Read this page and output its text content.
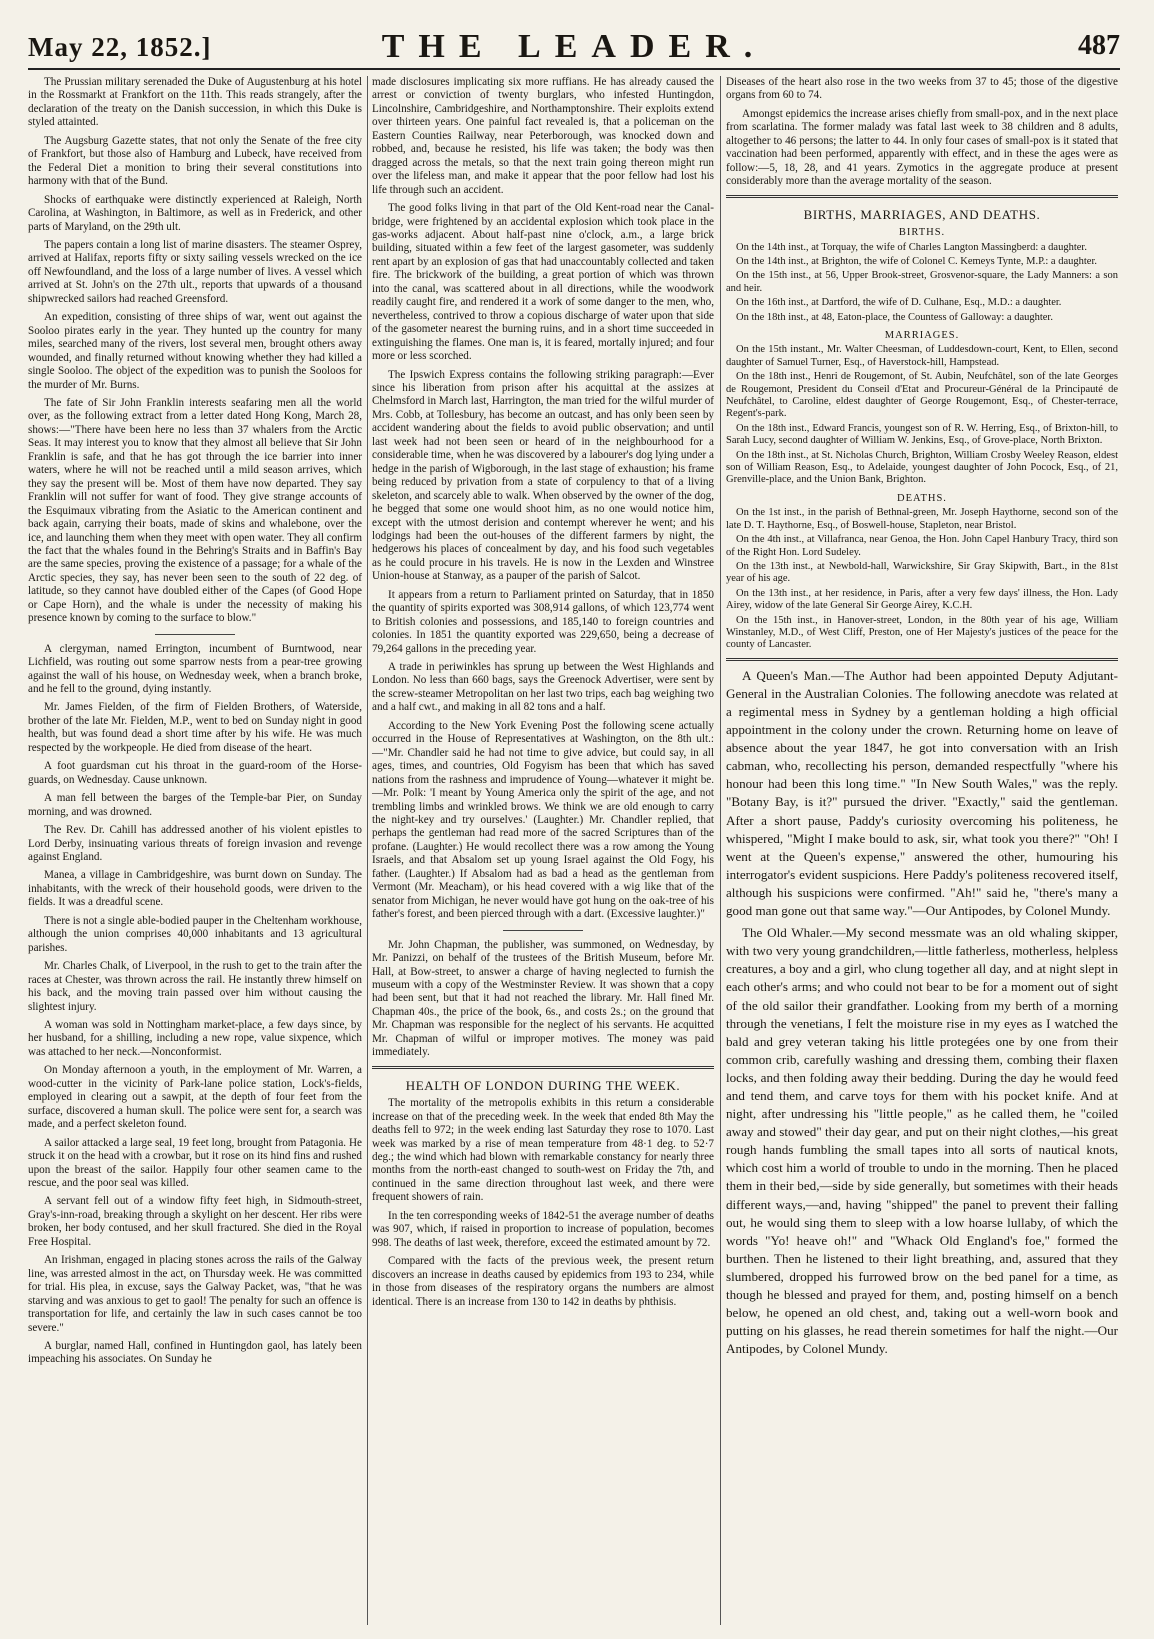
May 22, 1852.]	THE LEADER.	487

The Prussian military serenaded the Duke of Augustenburg at his hotel in the Rossmarkt at Frankfort on the 11th. This reads strangely, after the declaration of the treaty on the Danish succession, in which this Duke is styled attainted.

The Augsburg Gazette states, that not only the Senate of the free city of Frankfort, but those also of Hamburg and Lubeck, have received from the Federal Diet a monition to bring their several constitutions into harmony with that of the Bund.

Shocks of earthquake were distinctly experienced at Raleigh, North Carolina, at Washington, in Baltimore, as well as in Frederick, and other parts of Maryland, on the 29th ult.

The papers contain a long list of marine disasters. The steamer Osprey, arrived at Halifax, reports fifty or sixty sailing vessels wrecked on the ice off Newfoundland, and the loss of a large number of lives. A vessel which arrived at St. John's on the 27th ult., reports that upwards of a thousand shipwrecked sailors had reached Greensford.

An expedition, consisting of three ships of war, went out against the Sooloo pirates early in the year. They hunted up the country for many miles, searched many of the rivers, lost several men, brought others away wounded, and finally returned without knowing whether they had killed a single Sooloo. The object of the expedition was to punish the Sooloos for the murder of Mr. Burns.

The fate of Sir John Franklin interests seafaring men all the world over, as the following extract from a letter dated Hong Kong, March 28, shows:—"There have been here no less than 37 whalers from the Arctic Seas. It may interest you to know that they almost all believe that Sir John Franklin is safe, and that he has got through the ice barrier into inner waters, where he will not be reached until a mild season arrives, which they say the present will be. Most of them have now departed. They say Franklin will not suffer for want of food. They give strange accounts of the Esquimaux vibrating from the Asiatic to the American continent and back again, carrying their boats, made of skins and whalebone, over the ice, and launching them when they meet with open water. They all confirm the fact that the whales found in the Behring's Straits and in Baffin's Bay are the same species, proving the existence of a passage; for a whale of the Arctic species, they say, has never been seen to the south of 22 deg. of latitude, so they cannot have doubled either of the Capes (of Good Hope or Cape Horn), and the whale is under the necessity of making his presence known by coming to the surface to blow."

A clergyman, named Errington, incumbent of Burntwood, near Lichfield, was routing out some sparrow nests from a pear-tree growing against the wall of his house, on Wednesday week, when a branch broke, and he fell to the ground, dying instantly.

Mr. James Fielden, of the firm of Fielden Brothers, of Waterside, brother of the late Mr. Fielden, M.P., went to bed on Sunday night in good health, but was found dead a short time after by his wife. He was much respected by the workpeople. He died from disease of the heart.

A foot guardsman cut his throat in the guard-room of the Horse-guards, on Wednesday. Cause unknown.

A man fell between the barges of the Temple-bar Pier, on Sunday morning, and was drowned.

The Rev. Dr. Cahill has addressed another of his violent epistles to Lord Derby, insinuating various threats of foreign invasion and revenge against England.

Manea, a village in Cambridgeshire, was burnt down on Sunday. The inhabitants, with the wreck of their household goods, were driven to the fields. It was a dreadful scene.

There is not a single able-bodied pauper in the Cheltenham workhouse, although the union comprises 40,000 inhabitants and 13 agricultural parishes.

Mr. Charles Chalk, of Liverpool, in the rush to get to the train after the races at Chester, was thrown across the rail. He instantly threw himself on his back, and the moving train passed over him without causing the slightest injury.

A woman was sold in Nottingham market-place, a few days since, by her husband, for a shilling, including a new rope, value sixpence, which was attached to her neck.—Nonconformist.

On Monday afternoon a youth, in the employment of Mr. Warren, a wood-cutter in the vicinity of Park-lane police station, Lock's-fields, employed in clearing out a sawpit, at the depth of four feet from the surface, discovered a human skull. The police were sent for, a search was made, and a perfect skeleton found.

A sailor attacked a large seal, 19 feet long, brought from Patagonia. He struck it on the head with a crowbar, but it rose on its hind fins and rushed upon the breast of the sailor. Happily four other seamen came to the rescue, and the poor seal was killed.

A servant fell out of a window fifty feet high, in Sidmouth-street, Gray's-inn-road, breaking through a skylight on her descent. Her ribs were broken, her body contused, and her skull fractured. She died in the Royal Free Hospital.

An Irishman, engaged in placing stones across the rails of the Galway line, was arrested almost in the act, on Thursday week. He was committed for trial. His plea, in excuse, says the Galway Packet, was, "that he was starving and was anxious to get to gaol! The penalty for such an offence is transportation for life, and certainly the law in such cases cannot be too severe."

A burglar, named Hall, confined in Huntingdon gaol, has lately been impeaching his associates. On Sunday he

made disclosures implicating six more ruffians. He has already caused the arrest or conviction of twenty burglars, who infested Huntingdon, Lincolnshire, Cambridgeshire, and Northamptonshire. Their exploits extend over thirteen years. One painful fact revealed is, that a policeman on the Eastern Counties Railway, near Peterborough, was knocked down and robbed, and, because he resisted, his life was taken; the body was then dragged across the metals, so that the next train going thereon might run over the lifeless man, and make it appear that the poor fellow had lost his life through such an accident.

The good folks living in that part of the Old Kent-road near the Canal-bridge, were frightened by an accidental explosion which took place in the gas-works adjacent. About half-past nine o'clock, a.m., a large brick building, situated within a few feet of the largest gasometer, was suddenly rent apart by an explosion of gas that had unaccountably collected and taken fire. The brickwork of the building, a great portion of which was thrown into the canal, was scattered about in all directions, while the woodwork readily caught fire, and rendered it a work of some danger to the men, who, nevertheless, contrived to throw a copious discharge of water upon that side of the gasometer nearest the burning ruins, and in a short time succeeded in extinguishing the flames. One man is, it is feared, mortally injured; and four more or less scorched.

The Ipswich Express contains the following striking paragraph:—Ever since his liberation from prison after his acquittal at the assizes at Chelmsford in March last, Harrington, the man tried for the wilful murder of Mrs. Cobb, at Tollesbury, has become an outcast, and has only been seen by accident wandering about the fields to avoid public observation; and until last week had not been seen or heard of in the neighbourhood for a considerable time, when he was discovered by a labourer's dog lying under a hedge in the parish of Wigborough, in the last stage of exhaustion; his frame being reduced by privation from a state of corpulency to that of a living skeleton, and scarcely able to walk. When observed by the owner of the dog, he begged that some one would shoot him, as no one would notice him, except with the utmost derision and contempt wherever he went; and his lodgings had been the out-houses of the different farmers by night, the hedgerows his places of concealment by day, and his food such vegetables as he could procure in his travels. He is now in the Lexden and Winstree Union-house at Stanway, as a pauper of the parish of Salcot.

It appears from a return to Parliament printed on Saturday, that in 1850 the quantity of spirits exported was 308,914 gallons, of which 123,774 went to British colonies and possessions, and 185,140 to foreign countries and colonies. In 1851 the quantity exported was 229,650, being a decrease of 79,264 gallons in the preceding year.

A trade in periwinkles has sprung up between the West Highlands and London. No less than 660 bags, says the Greenock Advertiser, were sent by the screw-steamer Metropolitan on her last two trips, each bag weighing two and a half cwt., and making in all 82 tons and a half.

According to the New York Evening Post the following scene actually occurred in the House of Representatives at Washington, on the 8th ult.:—"Mr. Chandler said he had not time to give advice, but could say, in all ages, times, and countries, Old Fogyism has been that which has saved nations from the rashness and imprudence of Young—whatever it might be.—Mr. Polk: 'I meant by Young America only the spirit of the age, and not trembling limbs and wrinkled brows. We think we are old enough to carry the night-key and try ourselves.' (Laughter.) Mr. Chandler replied, that perhaps the gentleman had read more of the sacred Scriptures than of the profane. (Laughter.) He would recollect there was a row among the Young Israels, and that Absalom set up young Israel against the Old Fogy, his father. (Laughter.) If Absalom had as bad a head as the gentleman from Vermont (Mr. Meacham), or his head covered with a wig like that of the senator from Michigan, he never would have got hung on the oak-tree of his father's forest, and been pierced through with a dart. (Excessive laughter.)"

Mr. John Chapman, the publisher, was summoned, on Wednesday, by Mr. Panizzi, on behalf of the trustees of the British Museum, before Mr. Hall, at Bow-street, to answer a charge of having neglected to furnish the museum with a copy of the Westminster Review. It was shown that a copy had been sent, but that it had not reached the library. Mr. Hall fined Mr. Chapman 40s., the price of the book, 6s., and costs 2s.; on the ground that Mr. Chapman was responsible for the neglect of his servants. He acquitted Mr. Chapman of wilful or improper motives. The money was paid immediately.

HEALTH OF LONDON DURING THE WEEK.

The mortality of the metropolis exhibits in this return a considerable increase on that of the preceding week. In the week that ended 8th May the deaths fell to 972; in the week ending last Saturday they rose to 1070. Last week was marked by a rise of mean temperature from 48·1 deg. to 52·7 deg.; the wind which had blown with remarkable constancy for nearly three months from the north-east changed to south-west on Friday the 7th, and continued in the same direction throughout last week, and there were frequent showers of rain.

In the ten corresponding weeks of 1842-51 the average number of deaths was 907, which, if raised in proportion to increase of population, becomes 998. The deaths of last week, therefore, exceed the estimated amount by 72.

Compared with the facts of the previous week, the present return discovers an increase in deaths caused by epidemics from 193 to 234, while in those from diseases of the respiratory organs the numbers are almost identical. There is an increase from 130 to 142 in deaths by phthisis.

Diseases of the heart also rose in the two weeks from 37 to 45; those of the digestive organs from 60 to 74.

Amongst epidemics the increase arises chiefly from small-pox, and in the next place from scarlatina. The former malady was fatal last week to 38 children and 8 adults, altogether to 46 persons; the latter to 44. In only four cases of small-pox is it stated that vaccination had been performed, apparently with effect, and in these the ages were as follow:—5, 18, 28, and 41 years. Zymotics in the aggregate produce at present considerably more than the average mortality of the season.

BIRTHS, MARRIAGES, AND DEATHS.
BIRTHS.

On the 14th inst., at Torquay, the wife of Charles Langton Massingberd: a daughter.

On the 14th inst., at Brighton, the wife of Colonel C. Kemeys Tynte, M.P.: a daughter.

On the 15th inst., at 56, Upper Brook-street, Grosvenor-square, the Lady Manners: a son and heir.

On the 16th inst., at Dartford, the wife of D. Culhane, Esq., M.D.: a daughter.

On the 18th inst., at 48, Eaton-place, the Countess of Galloway: a daughter.

MARRIAGES.

On the 15th instant., Mr. Walter Cheesman, of Luddesdown-court, Kent, to Ellen, second daughter of Samuel Turner, Esq., of Haverstock-hill, Hampstead.

On the 18th inst., Henri de Rougemont, of St. Aubin, Neufchâtel, son of the late Georges de Rougemont, President du Conseil d'Etat and Procureur-Général de la Principauté de Neufchâtel, to Caroline, eldest daughter of George Rougemont, Esq., of Chester-terrace, Regent's-park.

On the 18th inst., Edward Francis, youngest son of R. W. Herring, Esq., of Brixton-hill, to Sarah Lucy, second daughter of William W. Jenkins, Esq., of Grove-place, North Brixton.

On the 18th inst., at St. Nicholas Church, Brighton, William Crosby Weeley Reason, eldest son of William Reason, Esq., to Adelaide, youngest daughter of John Pocock, Esq., of 21, Grenville-place, and the Union Bank, Brighton.

DEATHS.

On the 1st inst., in the parish of Bethnal-green, Mr. Joseph Haythorne, second son of the late D. T. Haythorne, Esq., of Boswell-house, Stapleton, near Bristol.

On the 4th inst., at Villafranca, near Genoa, the Hon. John Capel Hanbury Tracy, third son of the Right Hon. Lord Sudeley.

On the 13th inst., at Newbold-hall, Warwickshire, Sir Gray Skipwith, Bart., in the 81st year of his age.

On the 13th inst., at her residence, in Paris, after a very few days' illness, the Hon. Lady Airey, widow of the late General Sir George Airey, K.C.H.

On the 15th inst., in Hanover-street, London, in the 80th year of his age, William Winstanley, M.D., of West Cliff, Preston, one of Her Majesty's justices of the peace for the county of Lancaster.

A Queen's Man.—The Author had been appointed Deputy Adjutant-General in the Australian Colonies. The following anecdote was related at a regimental mess in Sydney by a gentleman holding a high official appointment in the colony under the crown. Returning home on leave of absence about the year 1847, he got into conversation with an Irish cabman, who, recollecting his person, demanded respectfully "where his honour had been this long time." "In New South Wales," was the reply. "Botany Bay, is it?" pursued the driver. "Exactly," said the gentleman. After a short pause, Paddy's curiosity overcoming his politeness, he whispered, "Might I make bould to ask, sir, what took you there?" "Oh! I went at the Queen's expense," answered the other, humouring his interrogator's evident suspicions. Here Paddy's politeness recovered itself, although his suspicions were confirmed. "Ah!" said he, "there's many a good man gone out that same way."—Our Antipodes, by Colonel Mundy.

The Old Whaler.—My second messmate was an old whaling skipper, with two very young grandchildren,—little fatherless, motherless, helpless creatures, a boy and a girl, who clung together all day, and at night slept in each other's arms; and who could not bear to be for a moment out of sight of the old sailor their grandfather. Looking from my berth of a morning through the venetians, I felt the moisture rise in my eyes as I watched the bald and grey veteran taking his little protegées one by one from their common crib, carefully washing and dressing them, combing their flaxen locks, and then folding away their bedding. During the day he would feed and tend them, and carve toys for them with his pocket knife. And at night, after undressing his "little people," as he called them, he "coiled away and stowed" their day gear, and put on their night clothes,—his great rough hands fumbling the small tapes into all sorts of nautical knots, which cost him a world of trouble to undo in the morning. Then he placed them in their bed,—side by side generally, but sometimes with their heads different ways,—and, having "shipped" the panel to prevent their falling out, he would sing them to sleep with a low hoarse lullaby, of which the words "Yo! heave oh!" and "Whack Old England's foe," formed the burthen. Then he listened to their light breathing, and, assured that they slumbered, dropped his furrowed brow on the bed panel for a time, as though he blessed and prayed for them, and, posting himself on a bench below, he opened an old chest, and, taking out a well-worn book and putting on his glasses, he read therein sometimes for half the night.—Our Antipodes, by Colonel Mundy.
